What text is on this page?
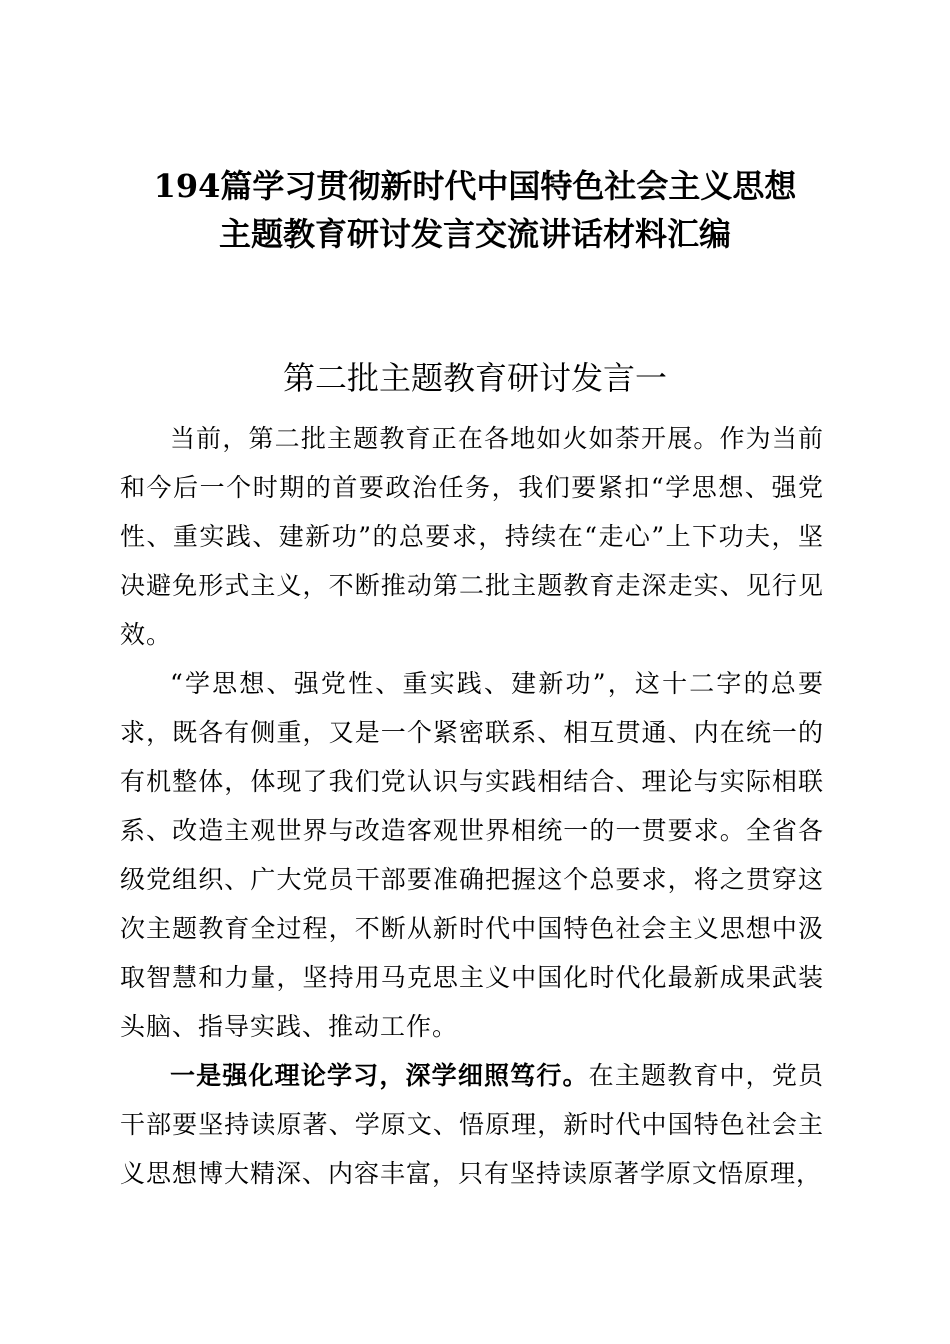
194篇学习贯彻新时代中国特色社会主义思想
主题教育研讨发言交流讲话材料汇编
第二批主题教育研讨发言一

当前，第二批主题教育正在各地如火如荼开展。作为当前和今后一个时期的首要政治任务，我们要紧扣“学思想、强党性、重实践、建新功”的总要求，持续在“走心”上下功夫，坚决避免形式主义，不断推动第二批主题教育走深走实、见行见效。

“学思想、强党性、重实践、建新功”，这十二字的总要求，既各有侧重，又是一个紧密联系、相互贯通、内在统一的有机整体，体现了我们党认识与实践相结合、理论与实际相联系、改造主观世界与改造客观世界相统一的一贯要求。全省各级党组织、广大党员干部要准确把握这个总要求，将之贯穿这次主题教育全过程，不断从新时代中国特色社会主义思想中汲取智慧和力量，坚持用马克思主义中国化时代化最新成果武装头脑、指导实践、推动工作。

一是强化理论学习，深学细照笃行。在主题教育中，党员干部要坚持读原著、学原文、悟原理，新时代中国特色社会主义思想博大精深、内容丰富，只有坚持读原著学原文悟原理，
